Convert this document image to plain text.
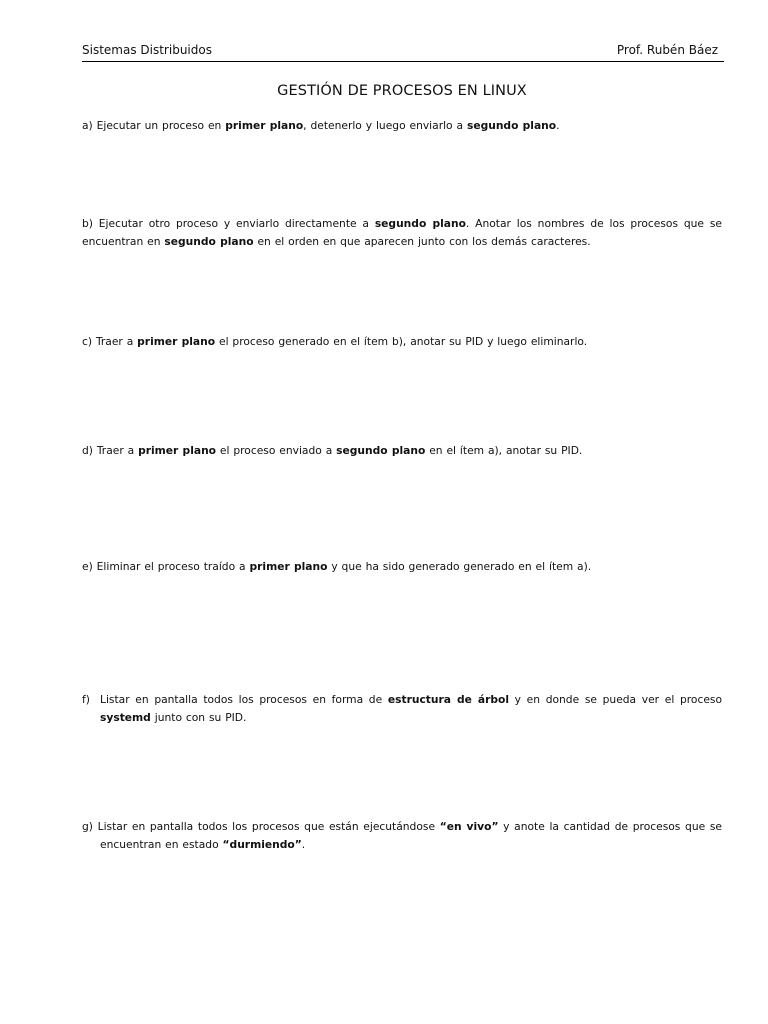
Sistemas Distribuidos	Prof. Rubén Báez
GESTIÓN DE PROCESOS EN LINUX
a) Ejecutar un proceso en primer plano, detenerlo y luego enviarlo a segundo plano.
b) Ejecutar otro proceso y enviarlo directamente a segundo plano. Anotar los nombres de los procesos que se encuentran en segundo plano en el orden en que aparecen junto con los demás caracteres.
c) Traer a primer plano el proceso generado en el ítem b), anotar su PID y luego eliminarlo.
d) Traer a primer plano el proceso enviado a segundo plano en el ítem a), anotar su PID.
e) Eliminar el proceso traído a primer plano y que ha sido generado generado en el ítem a).
f) Listar en pantalla todos los procesos en forma de estructura de árbol y en donde se pueda ver el proceso systemd junto con su PID.
g) Listar en pantalla todos los procesos que están ejecutándose “en vivo” y anote la cantidad de procesos que se
encuentran en estado “durmiendo”.
